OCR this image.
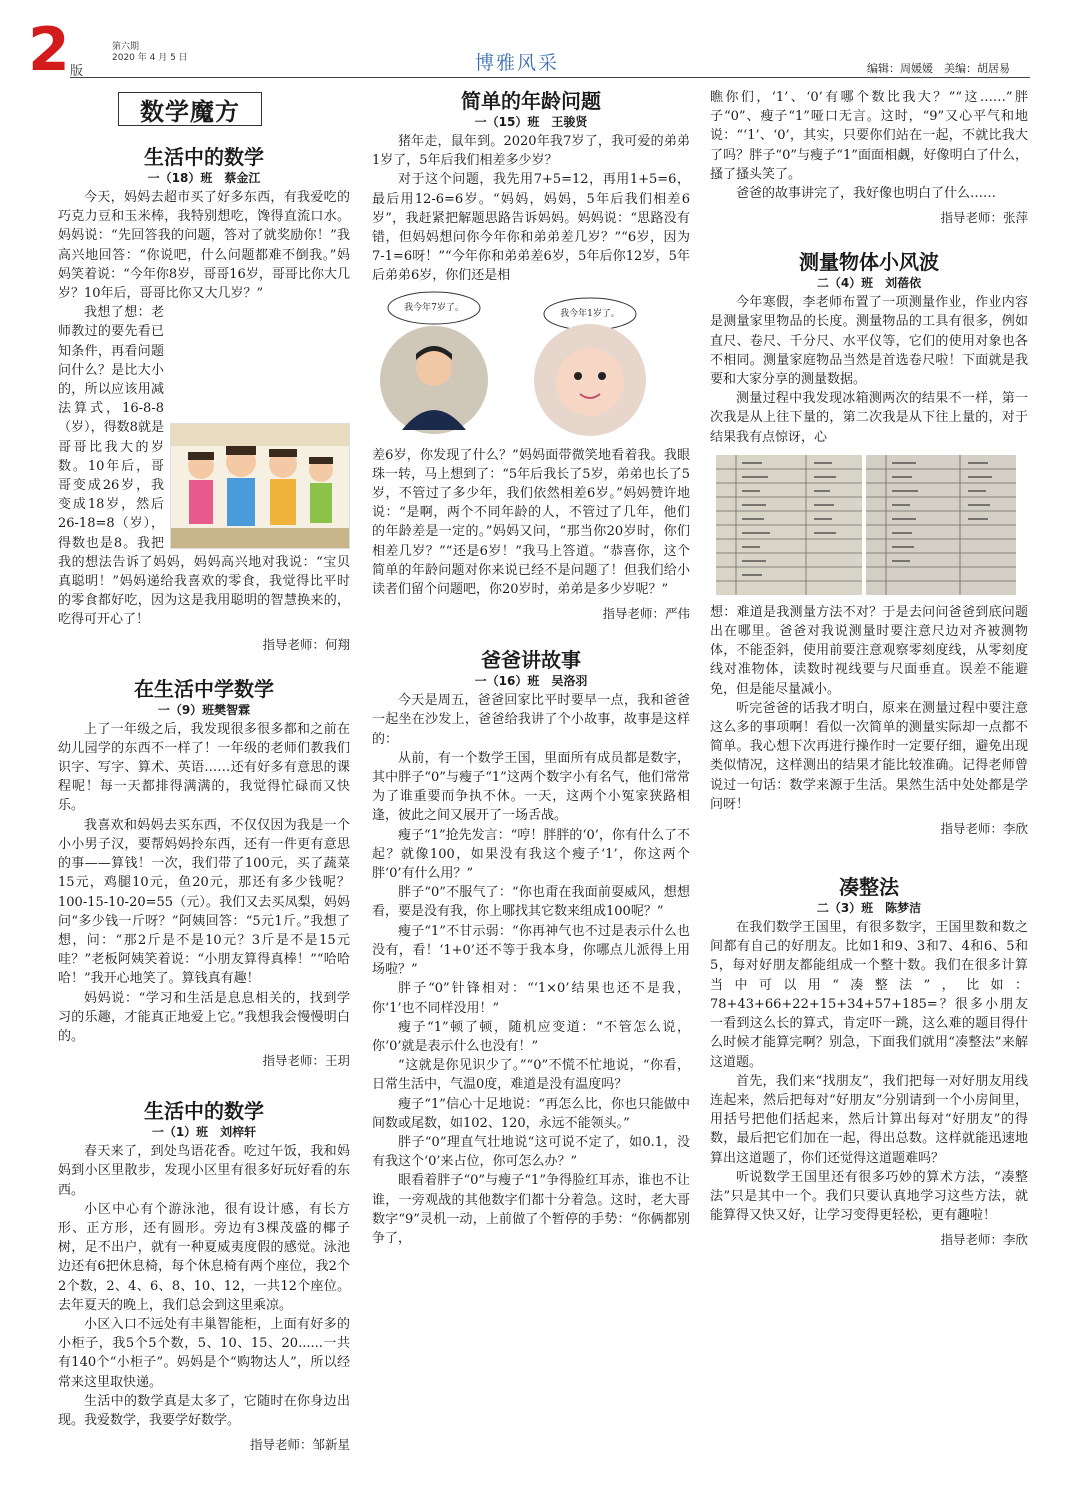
2 版
第六期
2020 年 4 月 5 日	博雅风采	编辑：周媛媛　美编：胡居易
数学魔方
生活中的数学
一（18）班　蔡金江

今天，妈妈去超市买了好多东西，有我爱吃的巧克力豆和玉米棒，我特别想吃，馋得直流口水。妈妈说：“先回答我的问题，答对了就奖励你！”我高兴地回答：“你说吧，什么问题都难不倒我。”妈妈笑着说：“今年你8岁，哥哥16岁，哥哥比你大几岁？10年后，哥哥比你又大几岁？”

我想了想：老师教过的要先看已知条件，再看问题问什么？是比大小的，所以应该用减法算式，16-8-8（岁），得数8就是哥哥比我大的岁数。10年后，哥哥变成26岁，我变成18岁，然后26-18=8（岁），得数也是8。我把我的想法告诉了妈妈，妈妈高兴地对我说：“宝贝真聪明！”妈妈递给我喜欢的零食，我觉得比平时的零食都好吃，因为这是我用聪明的智慧换来的，吃得可开心了！

指导老师：何翔
在生活中学数学
一（9）班樊智霖

上了一年级之后，我发现很多很多都和之前在幼儿园学的东西不一样了！一年级的老师们教我们识字、写字、算术、英语……还有好多有意思的课程呢！每一天都排得满满的，我觉得忙碌而又快乐。

我喜欢和妈妈去买东西，不仅仅因为我是一个小小男子汉，要帮妈妈拎东西，还有一件更有意思的事——算钱！一次，我们带了100元，买了蔬菜15元，鸡腿10元，鱼20元，那还有多少钱呢？100-15-10-20=55（元）。我们又去买凤梨，妈妈问“多少钱一斤呀？”阿姨回答：“5元1斤。”我想了想，问：“那2斤是不是10元？3斤是不是15元哇？”老板阿姨笑着说：“小朋友算得真棒！”“哈哈哈！”我开心地笑了。算钱真有趣！

妈妈说：“学习和生活是息息相关的，找到学习的乐趣，才能真正地爱上它。”我想我会慢慢明白的。

指导老师：王玥
生活中的数学
一（1）班　刘梓轩

春天来了，到处鸟语花香。吃过午饭，我和妈妈到小区里散步，发现小区里有很多好玩好看的东西。

小区中心有个游泳池，很有设计感，有长方形、正方形，还有圆形。旁边有3棵茂盛的椰子树，足不出户，就有一种夏威夷度假的感觉。泳池边还有6把休息椅，每个休息椅有两个座位，我2个2个数，2、4、6、8、10、12，一共12个座位。去年夏天的晚上，我们总会到这里乘凉。

小区入口不远处有丰巢智能柜，上面有好多的小柜子，我5个5个数，5、10、15、20......一共有140个“小柜子”。妈妈是个“购物达人”，所以经常来这里取快递。

生活中的数学真是太多了，它随时在你身边出现。我爱数学，我要学好数学。

指导老师：邹新星
简单的年龄问题
一（15）班　王骏贤

猪年走，鼠年到。2020年我7岁了，我可爱的弟弟1岁了，5年后我们相差多少岁？

对于这个问题，我先用7+5=12，再用1+5=6，最后用12-6=6岁。“妈妈，妈妈，5年后我们相差6岁”，我赶紧把解题思路告诉妈妈。妈妈说：“思路没有错，但妈妈想问你今年你和弟弟差几岁？”“6岁，因为7-1=6呀！”“今年你和弟弟差6岁，5年后你12岁，5年后弟弟6岁，你们还是相

我今年7岁了。
我今年1岁了。

差6岁，你发现了什么？”妈妈面带微笑地看着我。我眼珠一转，马上想到了：“5年后我长了5岁，弟弟也长了5岁，不管过了多少年，我们依然相差6岁。”妈妈赞许地说：“是啊，两个不同年龄的人，不管过了几年，他们的年龄差是一定的。”妈妈又问，“那当你20岁时，你们相差几岁？”“还是6岁！”我马上答道。“恭喜你，这个简单的年龄问题对你来说已经不是问题了！但我们给小读者们留个问题吧，你20岁时，弟弟是多少岁呢？”

指导老师：严伟
爸爸讲故事
一（16）班　吴洛羽

今天是周五，爸爸回家比平时要早一点，我和爸爸一起坐在沙发上，爸爸给我讲了个小故事，故事是这样的：

从前，有一个数学王国，里面所有成员都是数字，其中胖子“0”与瘦子“1”这两个数字小有名气，他们常常为了谁重要而争执不休。一天，这两个小冤家狭路相逢，彼此之间又展开了一场舌战。

瘦子“1”抢先发言：“哼！胖胖的‘0’，你有什么了不起？就像100，如果没有我这个瘦子‘1’，你这两个胖‘0’有什么用？”

胖子“0”不服气了：“你也甭在我面前耍威风，想想看，要是没有我，你上哪找其它数来组成100呢？”

瘦子“1”不甘示弱：“你再神气也不过是表示什么也没有，看！‘1+0’还不等于我本身，你哪点儿派得上用场啦？”

胖子“0”针锋相对：“‘1×0’结果也还不是我，你‘1’也不同样没用！”

瘦子“1”顿了顿，随机应变道：“不管怎么说，你‘0’就是表示什么也没有！”

“这就是你见识少了。”“0”不慌不忙地说，“你看，日常生活中，气温0度，难道是没有温度吗？

瘦子“1”信心十足地说：“再怎么比，你也只能做中间数或尾数，如102、120，永远不能领头。”

胖子“0”理直气壮地说“这可说不定了，如0.1，没有我这个‘0’来占位，你可怎么办？”

眼看着胖子“0”与瘦子“1”争得脸红耳赤，谁也不让谁，一旁观战的其他数字们都十分着急。这时，老大哥数字“9”灵机一动，上前做了个暂停的手势：“你俩都别争了，

瞧你们，‘1’、‘0’有哪个数比我大？”“这……”胖子“0”、瘦子“1”哑口无言。这时，“9”又心平气和地说：“‘1’、‘0’，其实，只要你们站在一起，不就比我大了吗？胖子“0”与瘦子“1”面面相觑，好像明白了什么，搔了搔头笑了。

爸爸的故事讲完了，我好像也明白了什么……

指导老师：张萍
测量物体小风波
二（4）班　刘蓓依

今年寒假，李老师布置了一项测量作业，作业内容是测量家里物品的长度。测量物品的工具有很多，例如直尺、卷尺、千分尺、水平仪等，它们的使用对象也各不相同。测量家庭物品当然是首选卷尺啦！下面就是我要和大家分享的测量数据。

测量过程中我发现冰箱测两次的结果不一样，第一次我是从上往下量的，第二次我是从下往上量的，对于结果我有点惊讶，心

想：难道是我测量方法不对？于是去问问爸爸到底问题出在哪里。爸爸对我说测量时要注意尺边对齐被测物体，不能歪斜，使用前要注意观察零刻度线，从零刻度线对准物体，读数时视线要与尺面垂直。误差不能避免，但是能尽量减小。

听完爸爸的话我才明白，原来在测量过程中要注意这么多的事项啊！看似一次简单的测量实际却一点都不简单。我心想下次再进行操作时一定要仔细，避免出现类似情况，这样测出的结果才能比较准确。记得老师曾说过一句话：数学来源于生活。果然生活中处处都是学问呀！

指导老师：李欣
凑整法
二（3）班　陈梦洁

在我们数学王国里，有很多数字，王国里数和数之间都有自己的好朋友。比如1和9、3和7、4和6、5和5，每对好朋友都能组成一个整十数。我们在很多计算当中可以用“凑整法”，比如：78+43+66+22+15+34+57+185=？很多小朋友一看到这么长的算式，肯定吓一跳，这么难的题目得什么时候才能算完啊？别急，下面我们就用“凑整法”来解这道题。

首先，我们来“找朋友”，我们把每一对好朋友用线连起来，然后把每对“好朋友”分别请到一个小房间里，用括号把他们括起来，然后计算出每对“好朋友”的得数，最后把它们加在一起，得出总数。这样就能迅速地算出这道题了，你们还觉得这道题难吗？

听说数学王国里还有很多巧妙的算术方法，“凑整法”只是其中一个。我们只要认真地学习这些方法，就能算得又快又好，让学习变得更轻松，更有趣啦！

指导老师：李欣
